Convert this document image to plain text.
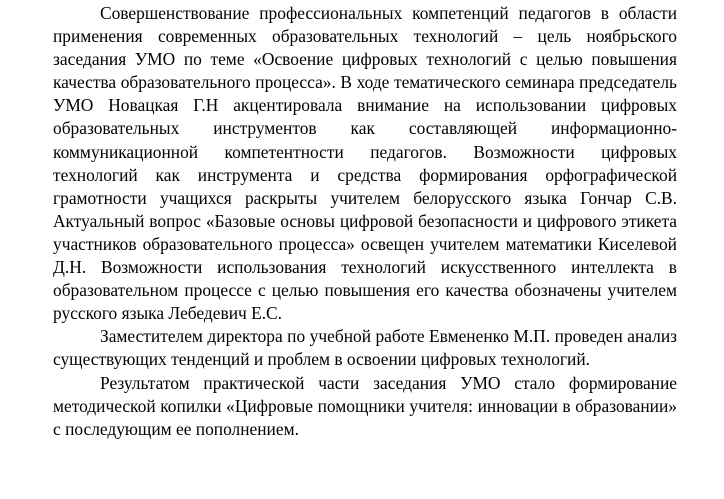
Совершенствование профессиональных компетенций педагогов в области применения современных образовательных технологий – цель ноябрьского заседания УМО по теме «Освоение цифровых технологий с целью повышения качества образовательного процесса». В ходе тематического семинара председатель УМО Новацкая Г.Н акцентировала внимание на использовании цифровых образовательных инструментов как составляющей информационно-коммуникационной компетентности педагогов. Возможности цифровых технологий как инструмента и средства формирования орфографической грамотности учащихся раскрыты учителем белорусского языка Гончар С.В. Актуальный вопрос «Базовые основы цифровой безопасности и цифрового этикета участников образовательного процесса» освещен учителем математики Киселевой Д.Н. Возможности использования технологий искусственного интеллекта в образовательном процессе с целью повышения его качества обозначены учителем русского языка Лебедевич Е.С.

Заместителем директора по учебной работе Евмененко М.П. проведен анализ существующих тенденций и проблем в освоении цифровых технологий.

Результатом практической части заседания УМО стало формирование методической копилки «Цифровые помощники учителя: инновации в образовании» с последующим ее пополнением.
